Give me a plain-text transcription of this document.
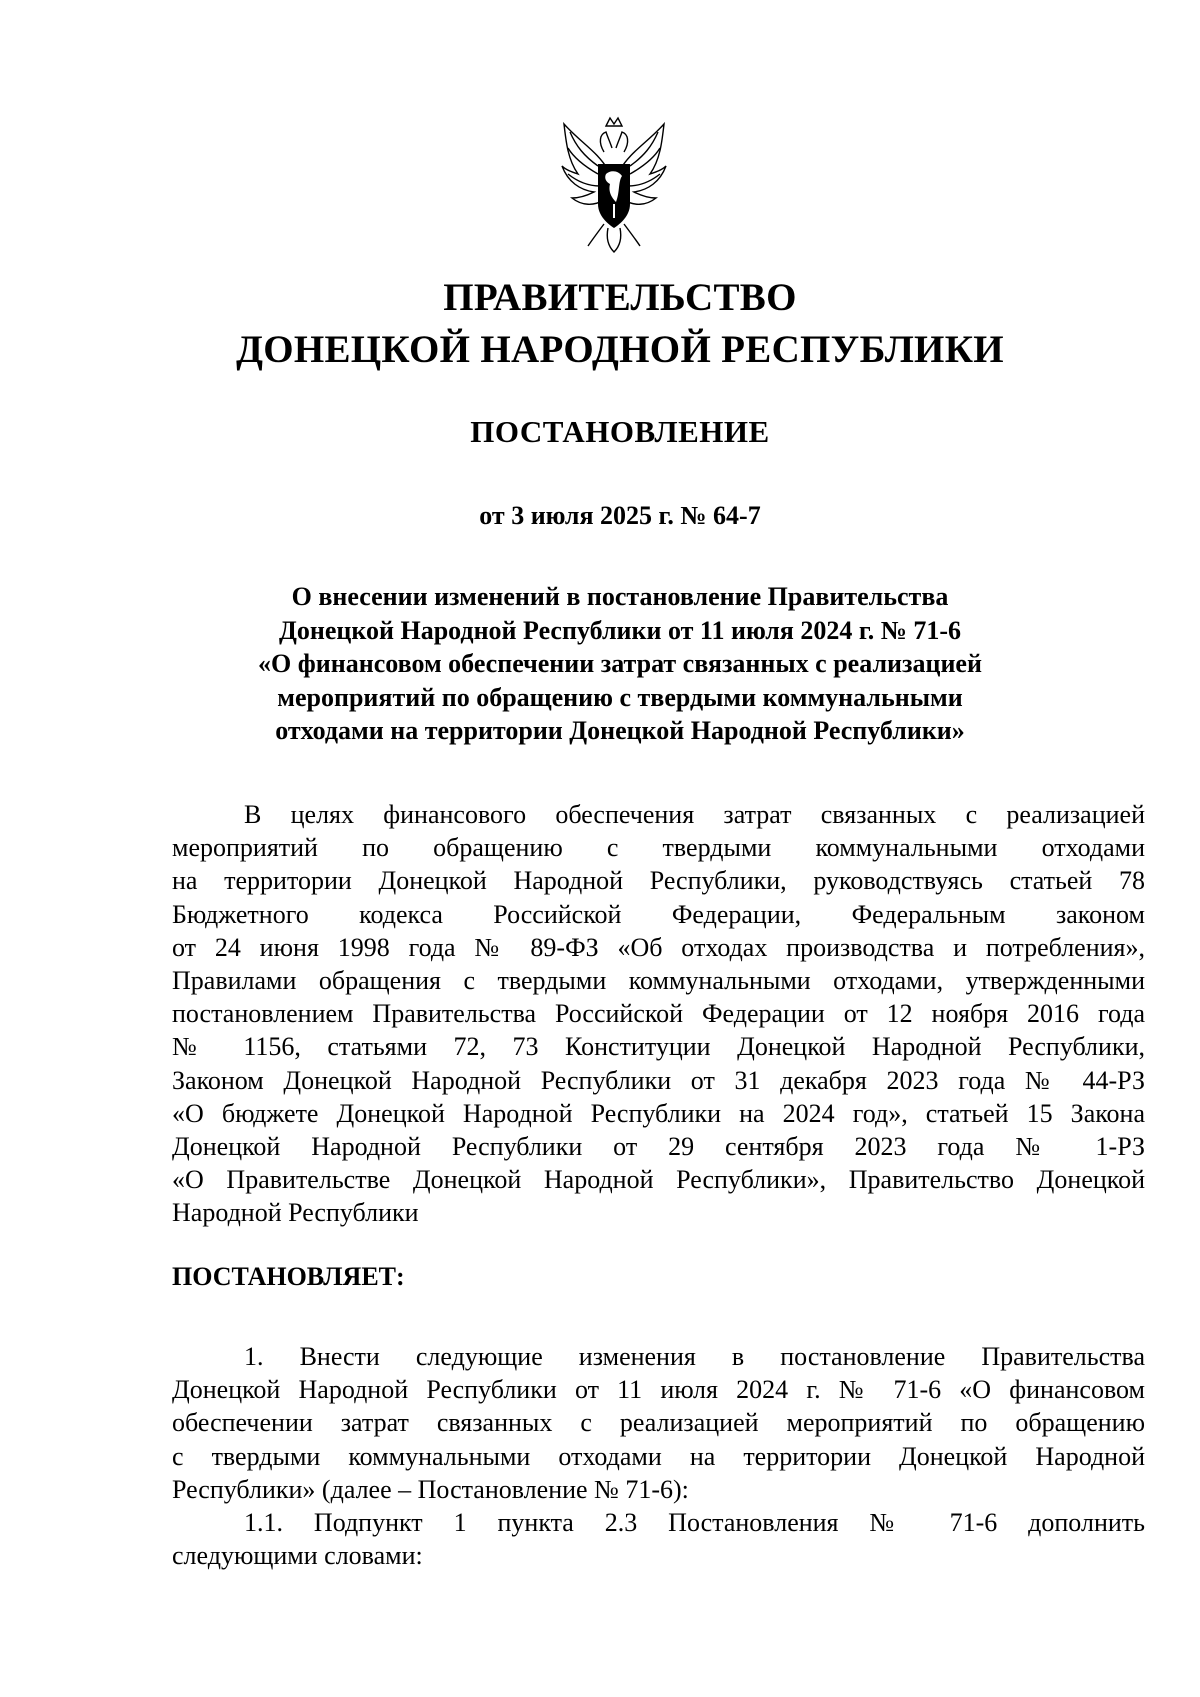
ПРАВИТЕЛЬСТВО
ДОНЕЦКОЙ НАРОДНОЙ РЕСПУБЛИКИ
ПОСТАНОВЛЕНИЕ
от 3 июля 2025 г. № 64-7
О внесении изменений в постановление Правительства
Донецкой Народной Республики от 11 июля 2024 г. № 71-6
«О финансовом обеспечении затрат связанных с реализацией
мероприятий по обращению с твердыми коммунальными
отходами на территории Донецкой Народной Республики»
В целях финансового обеспечения затрат связанных с реализацией
мероприятий по обращению с твердыми коммунальными отходами
на территории Донецкой Народной Республики, руководствуясь статьей 78
Бюджетного кодекса Российской Федерации, Федеральным законом
от 24 июня 1998 года № 89-ФЗ «Об отходах производства и потребления»,
Правилами обращения с твердыми коммунальными отходами, утвержденными
постановлением Правительства Российской Федерации от 12 ноября 2016 года
№ 1156, статьями 72, 73 Конституции Донецкой Народной Республики,
Законом Донецкой Народной Республики от 31 декабря 2023 года № 44-РЗ
«О бюджете Донецкой Народной Республики на 2024 год», статьей 15 Закона
Донецкой Народной Республики от 29 сентября 2023 года № 1-РЗ
«О Правительстве Донецкой Народной Республики», Правительство Донецкой
Народной Республики
ПОСТАНОВЛЯЕТ:
1. Внести следующие изменения в постановление Правительства
Донецкой Народной Республики от 11 июля 2024 г. № 71-6 «О финансовом
обеспечении затрат связанных с реализацией мероприятий по обращению
с твердыми коммунальными отходами на территории Донецкой Народной
Республики» (далее – Постановление № 71-6):
1.1. Подпункт 1 пункта 2.3 Постановления № 71-6 дополнить
следующими словами:
